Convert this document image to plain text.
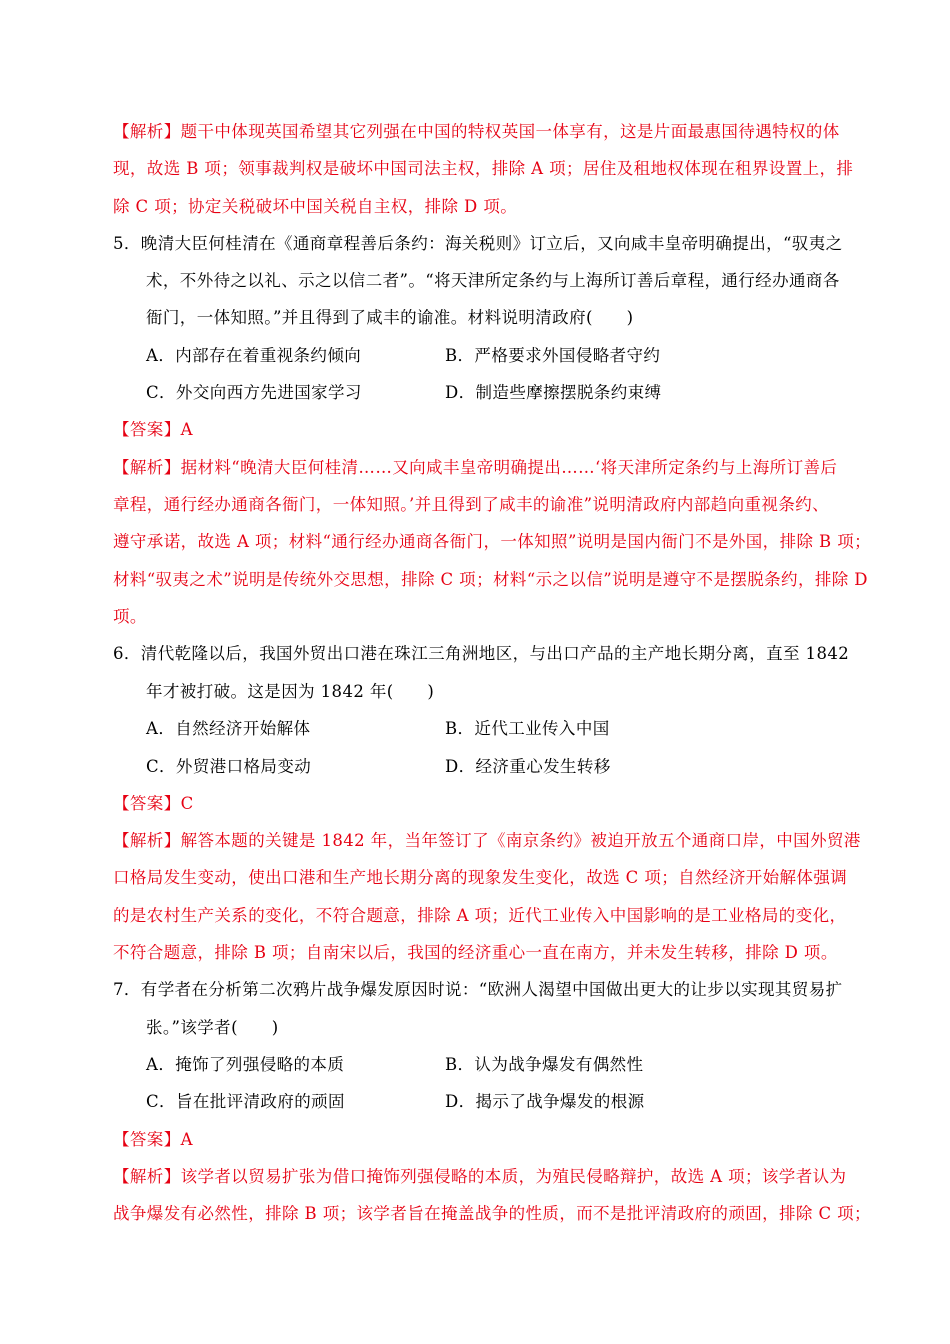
【解析】题干中体现英国希望其它列强在中国的特权英国一体享有，这是片面最惠国待遇特权的体
现，故选 B 项；领事裁判权是破坏中国司法主权，排除 A 项；居住及租地权体现在租界设置上，排
除 C 项；协定关税破坏中国关税自主权，排除 D 项。
5．晚清大臣何桂清在《通商章程善后条约：海关税则》订立后，又向咸丰皇帝明确提出，“驭夷之
术，不外待之以礼、示之以信二者”。“将天津所定条约与上海所订善后章程，通行经办通商各
衙门，一体知照。”并且得到了咸丰的谕准。材料说明清政府(　　)
A．内部存在着重视条约倾向	B．严格要求外国侵略者守约
C．外交向西方先进国家学习	D．制造些摩擦摆脱条约束缚
【答案】A
【解析】据材料“晚清大臣何桂清……又向咸丰皇帝明确提出……‘将天津所定条约与上海所订善后
章程，通行经办通商各衙门，一体知照。’并且得到了咸丰的谕准”说明清政府内部趋向重视条约、
遵守承诺，故选 A 项；材料“通行经办通商各衙门，一体知照”说明是国内衙门不是外国，排除 B 项；
材料“驭夷之术”说明是传统外交思想，排除 C 项；材料“示之以信”说明是遵守不是摆脱条约，排除 D
项。
6．清代乾隆以后，我国外贸出口港在珠江三角洲地区，与出口产品的主产地长期分离，直至 1842
年才被打破。这是因为 1842 年(　　)
A．自然经济开始解体	B．近代工业传入中国
C．外贸港口格局变动	D．经济重心发生转移
【答案】C
【解析】解答本题的关键是 1842 年，当年签订了《南京条约》被迫开放五个通商口岸，中国外贸港
口格局发生变动，使出口港和生产地长期分离的现象发生变化，故选 C 项；自然经济开始解体强调
的是农村生产关系的变化，不符合题意，排除 A 项；近代工业传入中国影响的是工业格局的变化，
不符合题意，排除 B 项；自南宋以后，我国的经济重心一直在南方，并未发生转移，排除 D 项。
7．有学者在分析第二次鸦片战争爆发原因时说：“欧洲人渴望中国做出更大的让步以实现其贸易扩
张。”该学者(　　)
A．掩饰了列强侵略的本质	B．认为战争爆发有偶然性
C．旨在批评清政府的顽固	D．揭示了战争爆发的根源
【答案】A
【解析】该学者以贸易扩张为借口掩饰列强侵略的本质，为殖民侵略辩护，故选 A 项；该学者认为
战争爆发有必然性，排除 B 项；该学者旨在掩盖战争的性质，而不是批评清政府的顽固，排除 C 项；
